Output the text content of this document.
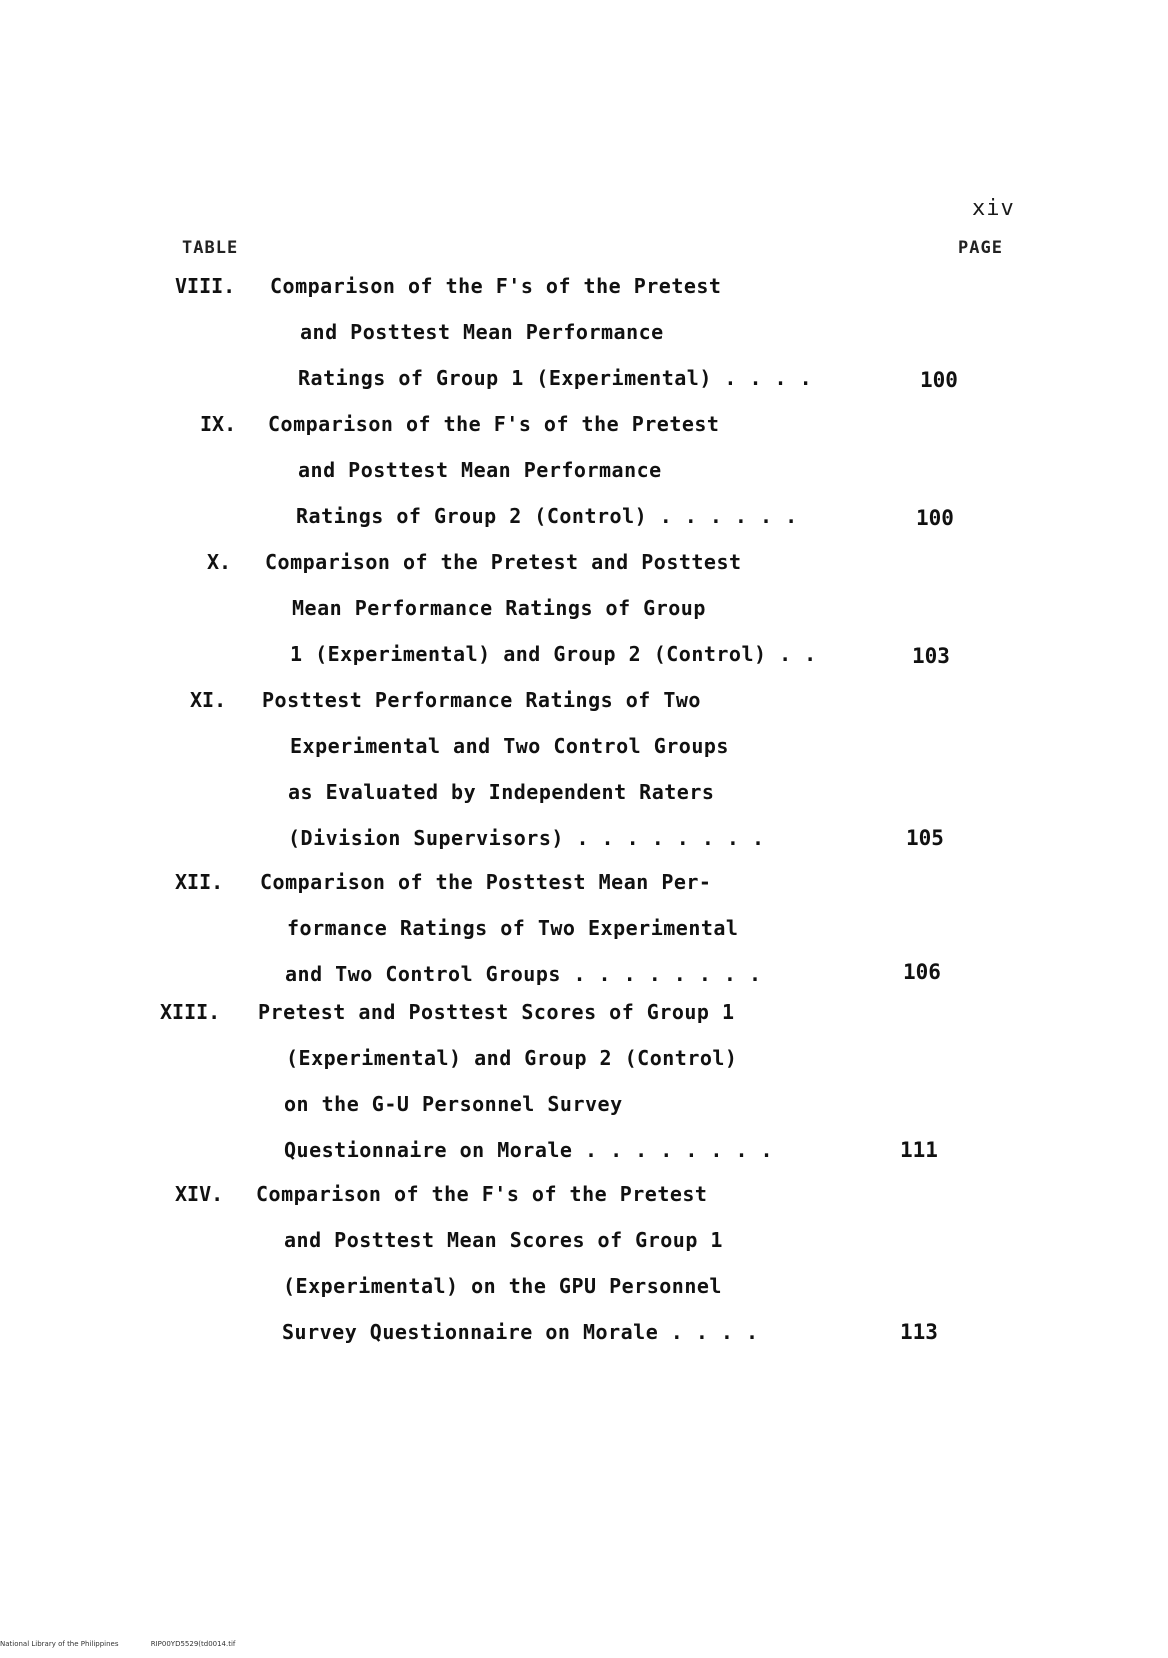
xiv
TABLE	PAGE
VIII. Comparison of the F's of the Pretest
and Posttest Mean Performance
Ratings of Group 1 (Experimental) . . . .	100
IX. Comparison of the F's of the Pretest
and Posttest Mean Performance
Ratings of Group 2 (Control) . . . . . .	100
X. Comparison of the Pretest and Posttest
Mean Performance Ratings of Group
1 (Experimental) and Group 2 (Control) . .	103
XI. Posttest Performance Ratings of Two
Experimental and Two Control Groups
as Evaluated by Independent Raters
(Division Supervisors) . . . . . . . .	105
XII. Comparison of the Posttest Mean Per-
formance Ratings of Two Experimental
and Two Control Groups . . . . . . . .	106
XIII. Pretest and Posttest Scores of Group 1
(Experimental) and Group 2 (Control)
on the G-U Personnel Survey
Questionnaire on Morale . . . . . . . .	111
XIV. Comparison of the F's of the Pretest
and Posttest Mean Scores of Group 1
(Experimental) on the GPU Personnel
Survey Questionnaire on Morale . . . .	113
National Library of the Philippines	RIP00YD5529(td0014.tif
